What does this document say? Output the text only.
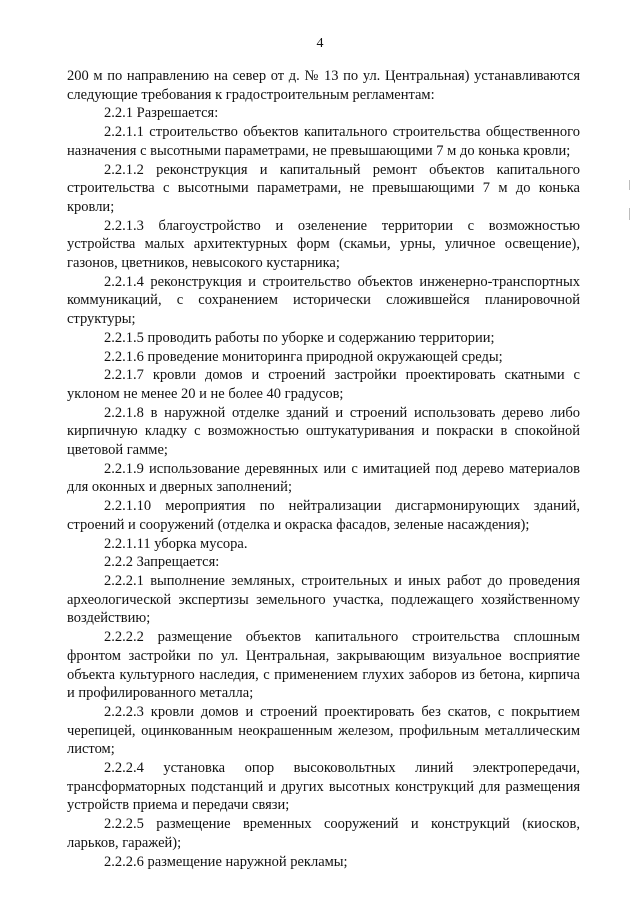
4

200 м по направлению на север от д. № 13 по ул. Центральная) устанавливаются следующие требования к градостроительным регламентам:

2.2.1 Разрешается:

2.2.1.1 строительство объектов капитального строительства общественного назначения с высотными параметрами, не превышающими 7 м до конька кровли;

2.2.1.2 реконструкция и капитальный ремонт объектов капитального строительства с высотными параметрами, не превышающими 7 м до конька кровли;

2.2.1.3 благоустройство и озеленение территории с возможностью устройства малых архитектурных форм (скамьи, урны, уличное освещение), газонов, цветников, невысокого кустарника;

2.2.1.4 реконструкция и строительство объектов инженерно-транспортных коммуникаций, с сохранением исторически сложившейся планировочной структуры;

2.2.1.5 проводить работы по уборке и содержанию территории;

2.2.1.6 проведение мониторинга природной окружающей среды;

2.2.1.7 кровли домов и строений застройки проектировать скатными с уклоном не менее 20 и не более 40 градусов;

2.2.1.8 в наружной отделке зданий и строений использовать дерево либо кирпичную кладку с возможностью оштукатуривания и покраски в спокойной цветовой гамме;

2.2.1.9 использование деревянных или с имитацией под дерево материалов для оконных и дверных заполнений;

2.2.1.10 мероприятия по нейтрализации дисгармонирующих зданий, строений и сооружений (отделка и окраска фасадов, зеленые насаждения);

2.2.1.11 уборка мусора.

2.2.2 Запрещается:

2.2.2.1 выполнение земляных, строительных и иных работ до проведения археологической экспертизы земельного участка, подлежащего хозяйственному воздействию;

2.2.2.2 размещение объектов капитального строительства сплошным фронтом застройки по ул. Центральная, закрывающим визуальное восприятие объекта культурного наследия, с применением глухих заборов из бетона, кирпича и профилированного металла;

2.2.2.3 кровли домов и строений проектировать без скатов, с покрытием черепицей, оцинкованным неокрашенным железом, профильным металлическим листом;

2.2.2.4 установка опор высоковольтных линий электропередачи, трансформаторных подстанций и других высотных конструкций для размещения устройств приема и передачи связи;

2.2.2.5 размещение временных сооружений и конструкций (киосков, ларьков, гаражей);

2.2.2.6 размещение наружной рекламы;
